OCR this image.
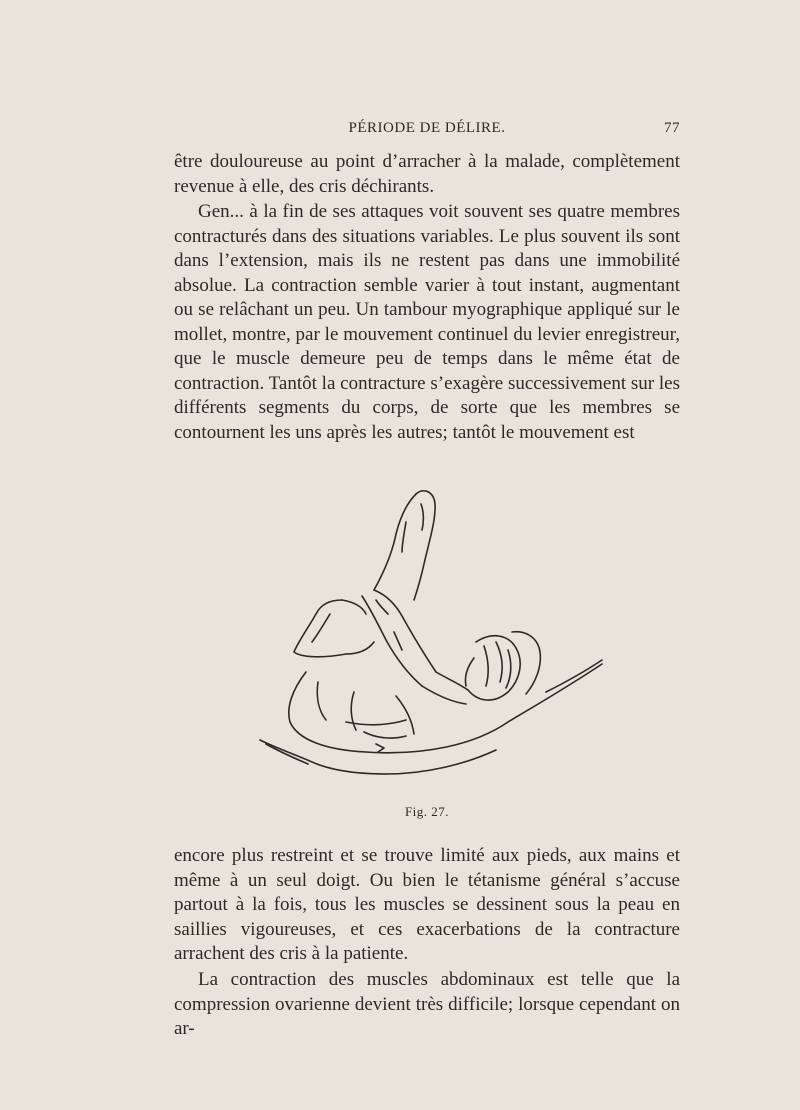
PÉRIODE DE DÉLIRE.	77

être douloureuse au point d’arracher à la malade, complètement revenue à elle, des cris déchirants.

Gen... à la fin de ses attaques voit souvent ses quatre membres contracturés dans des situations variables. Le plus souvent ils sont dans l’extension, mais ils ne restent pas dans une immobilité absolue. La contraction semble varier à tout instant, augmentant ou se relâchant un peu. Un tambour myographique appliqué sur le mollet, montre, par le mouvement continuel du levier enregistreur, que le muscle demeure peu de temps dans le même état de contraction. Tantôt la contracture s’exagère successivement sur les différents segments du corps, de sorte que les membres se contournent les uns après les autres; tantôt le mouvement est

Fig. 27.

encore plus restreint et se trouve limité aux pieds, aux mains et même à un seul doigt. Ou bien le tétanisme général s’accuse partout à la fois, tous les muscles se dessinent sous la peau en saillies vigoureuses, et ces exacerbations de la contracture arrachent des cris à la patiente.

La contraction des muscles abdominaux est telle que la compression ovarienne devient très difficile; lorsque cependant on ar-
